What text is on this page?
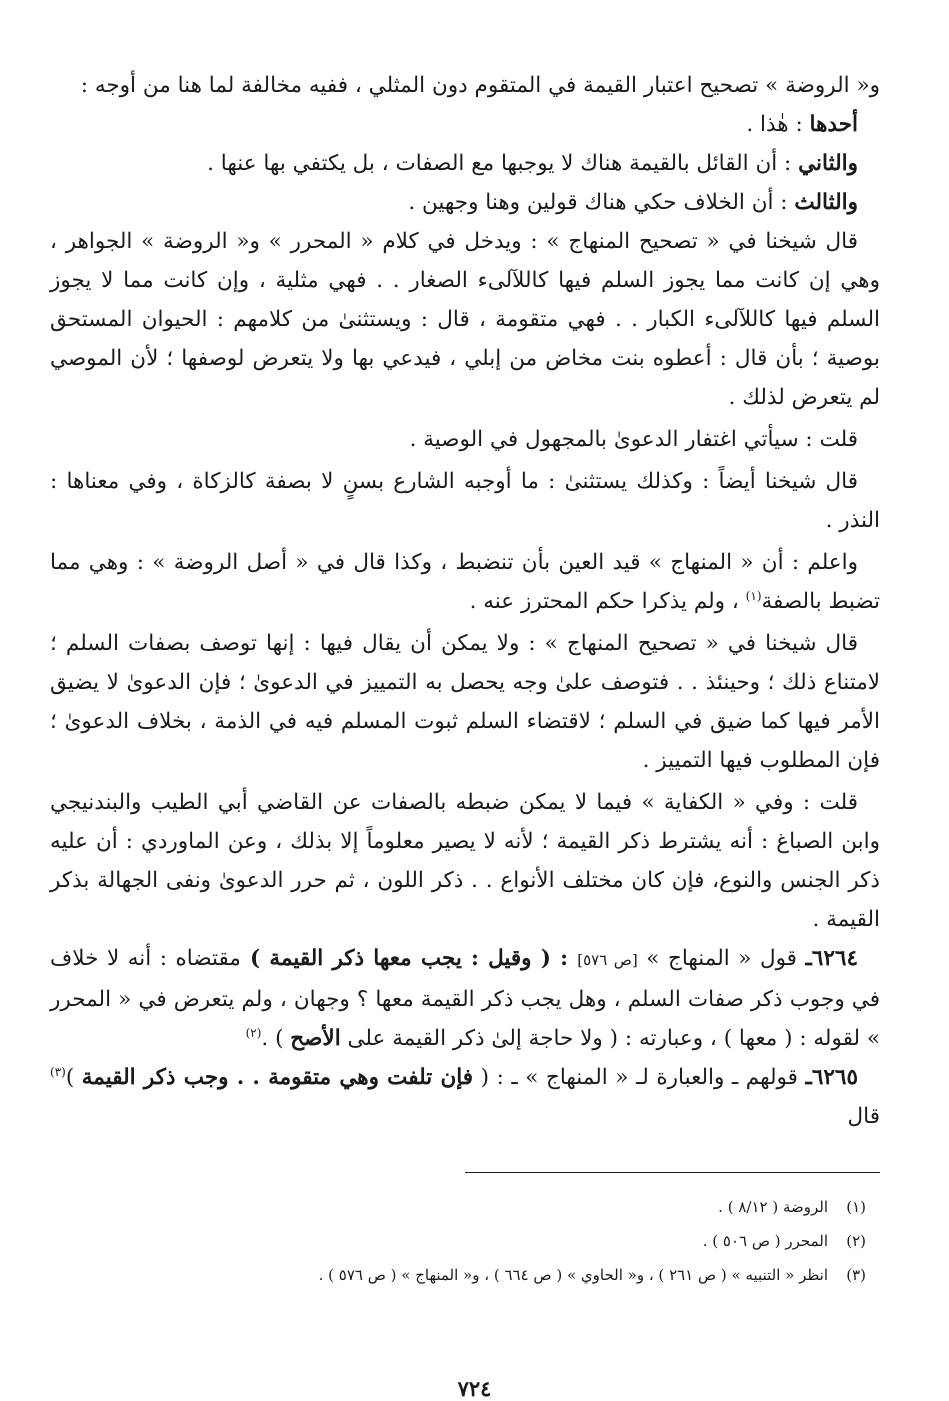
و« الروضة » تصحيح اعتبار القيمة في المتقوم دون المثلي ، ففيه مخالفة لما هنا من أوجه :

أحدها : هٰذا .

والثاني : أن القائل بالقيمة هناك لا يوجبها مع الصفات ، بل يكتفي بها عنها .

والثالث : أن الخلاف حكي هناك قولين وهنا وجهين .

قال شيخنا في « تصحيح المنهاج » : ويدخل في كلام « المحرر » و« الروضة » الجواهر ، وهي إن كانت مما يجوز السلم فيها كاللآلىء الصغار . . فهي مثلية ، وإن كانت مما لا يجوز السلم فيها كاللآلىء الكبار . . فهي متقومة ، قال : ويستثنىٰ من كلامهم : الحيوان المستحق بوصية ؛ بأن قال : أعطوه بنت مخاض من إبلي ، فيدعي بها ولا يتعرض لوصفها ؛ لأن الموصي لم يتعرض لذلك .

قلت : سيأتي اغتفار الدعوىٰ بالمجهول في الوصية .

قال شيخنا أيضاً : وكذلك يستثنىٰ : ما أوجبه الشارع بسنٍ لا بصفة كالزكاة ، وفي معناها : النذر .

واعلم : أن « المنهاج » قيد العين بأن تنضبط ، وكذا قال في « أصل الروضة » : وهي مما تضبط بالصفة$^{(١)}$ ، ولم يذكرا حكم المحترز عنه .

قال شيخنا في « تصحيح المنهاج » : ولا يمكن أن يقال فيها : إنها توصف بصفات السلم ؛ لامتناع ذلك ؛ وحينئذ . . فتوصف علىٰ وجه يحصل به التمييز في الدعوىٰ ؛ فإن الدعوىٰ لا يضيق الأمر فيها كما ضيق في السلم ؛ لاقتضاء السلم ثبوت المسلم فيه في الذمة ، بخلاف الدعوىٰ ؛ فإن المطلوب فيها التمييز .

قلت : وفي « الكفاية » فيما لا يمكن ضبطه بالصفات عن القاضي أبي الطيب والبندنيجي وابن الصباغ : أنه يشترط ذكر القيمة ؛ لأنه لا يصير معلوماً إلا بذلك ، وعن الماوردي : أن عليه ذكر الجنس والنوع، فإن كان مختلف الأنواع . . ذكر اللون ، ثم حرر الدعوىٰ ونفى الجهالة بذكر القيمة .

٦٢٦٤ـ قول « المنهاج » [ص ٥٧٦] : ( وقيل : يجب معها ذكر القيمة ) مقتضاه : أنه لا خلاف في وجوب ذكر صفات السلم ، وهل يجب ذكر القيمة معها ؟ وجهان ، ولم يتعرض في « المحرر » لقوله : ( معها ) ، وعبارته : ( ولا حاجة إلىٰ ذكر القيمة على الأصح ) .$^{(٢)}$

٦٢٦٥ـ قولهم ـ والعبارة لـ « المنهاج » ـ : ( فإن تلفت وهي متقومة . . وجب ذكر القيمة )$^{(٣)}$ قال

(١)الروضة ( ٨/١٢ ) .
(٢)المحرر ( ص ٥٠٦ ) .
(٣)انظر « التنبيه » ( ص ٢٦١ ) ، و« الحاوي » ( ص ٦٦٤ ) ، و« المنهاج » ( ص ٥٧٦ ) .
٧٢٤
